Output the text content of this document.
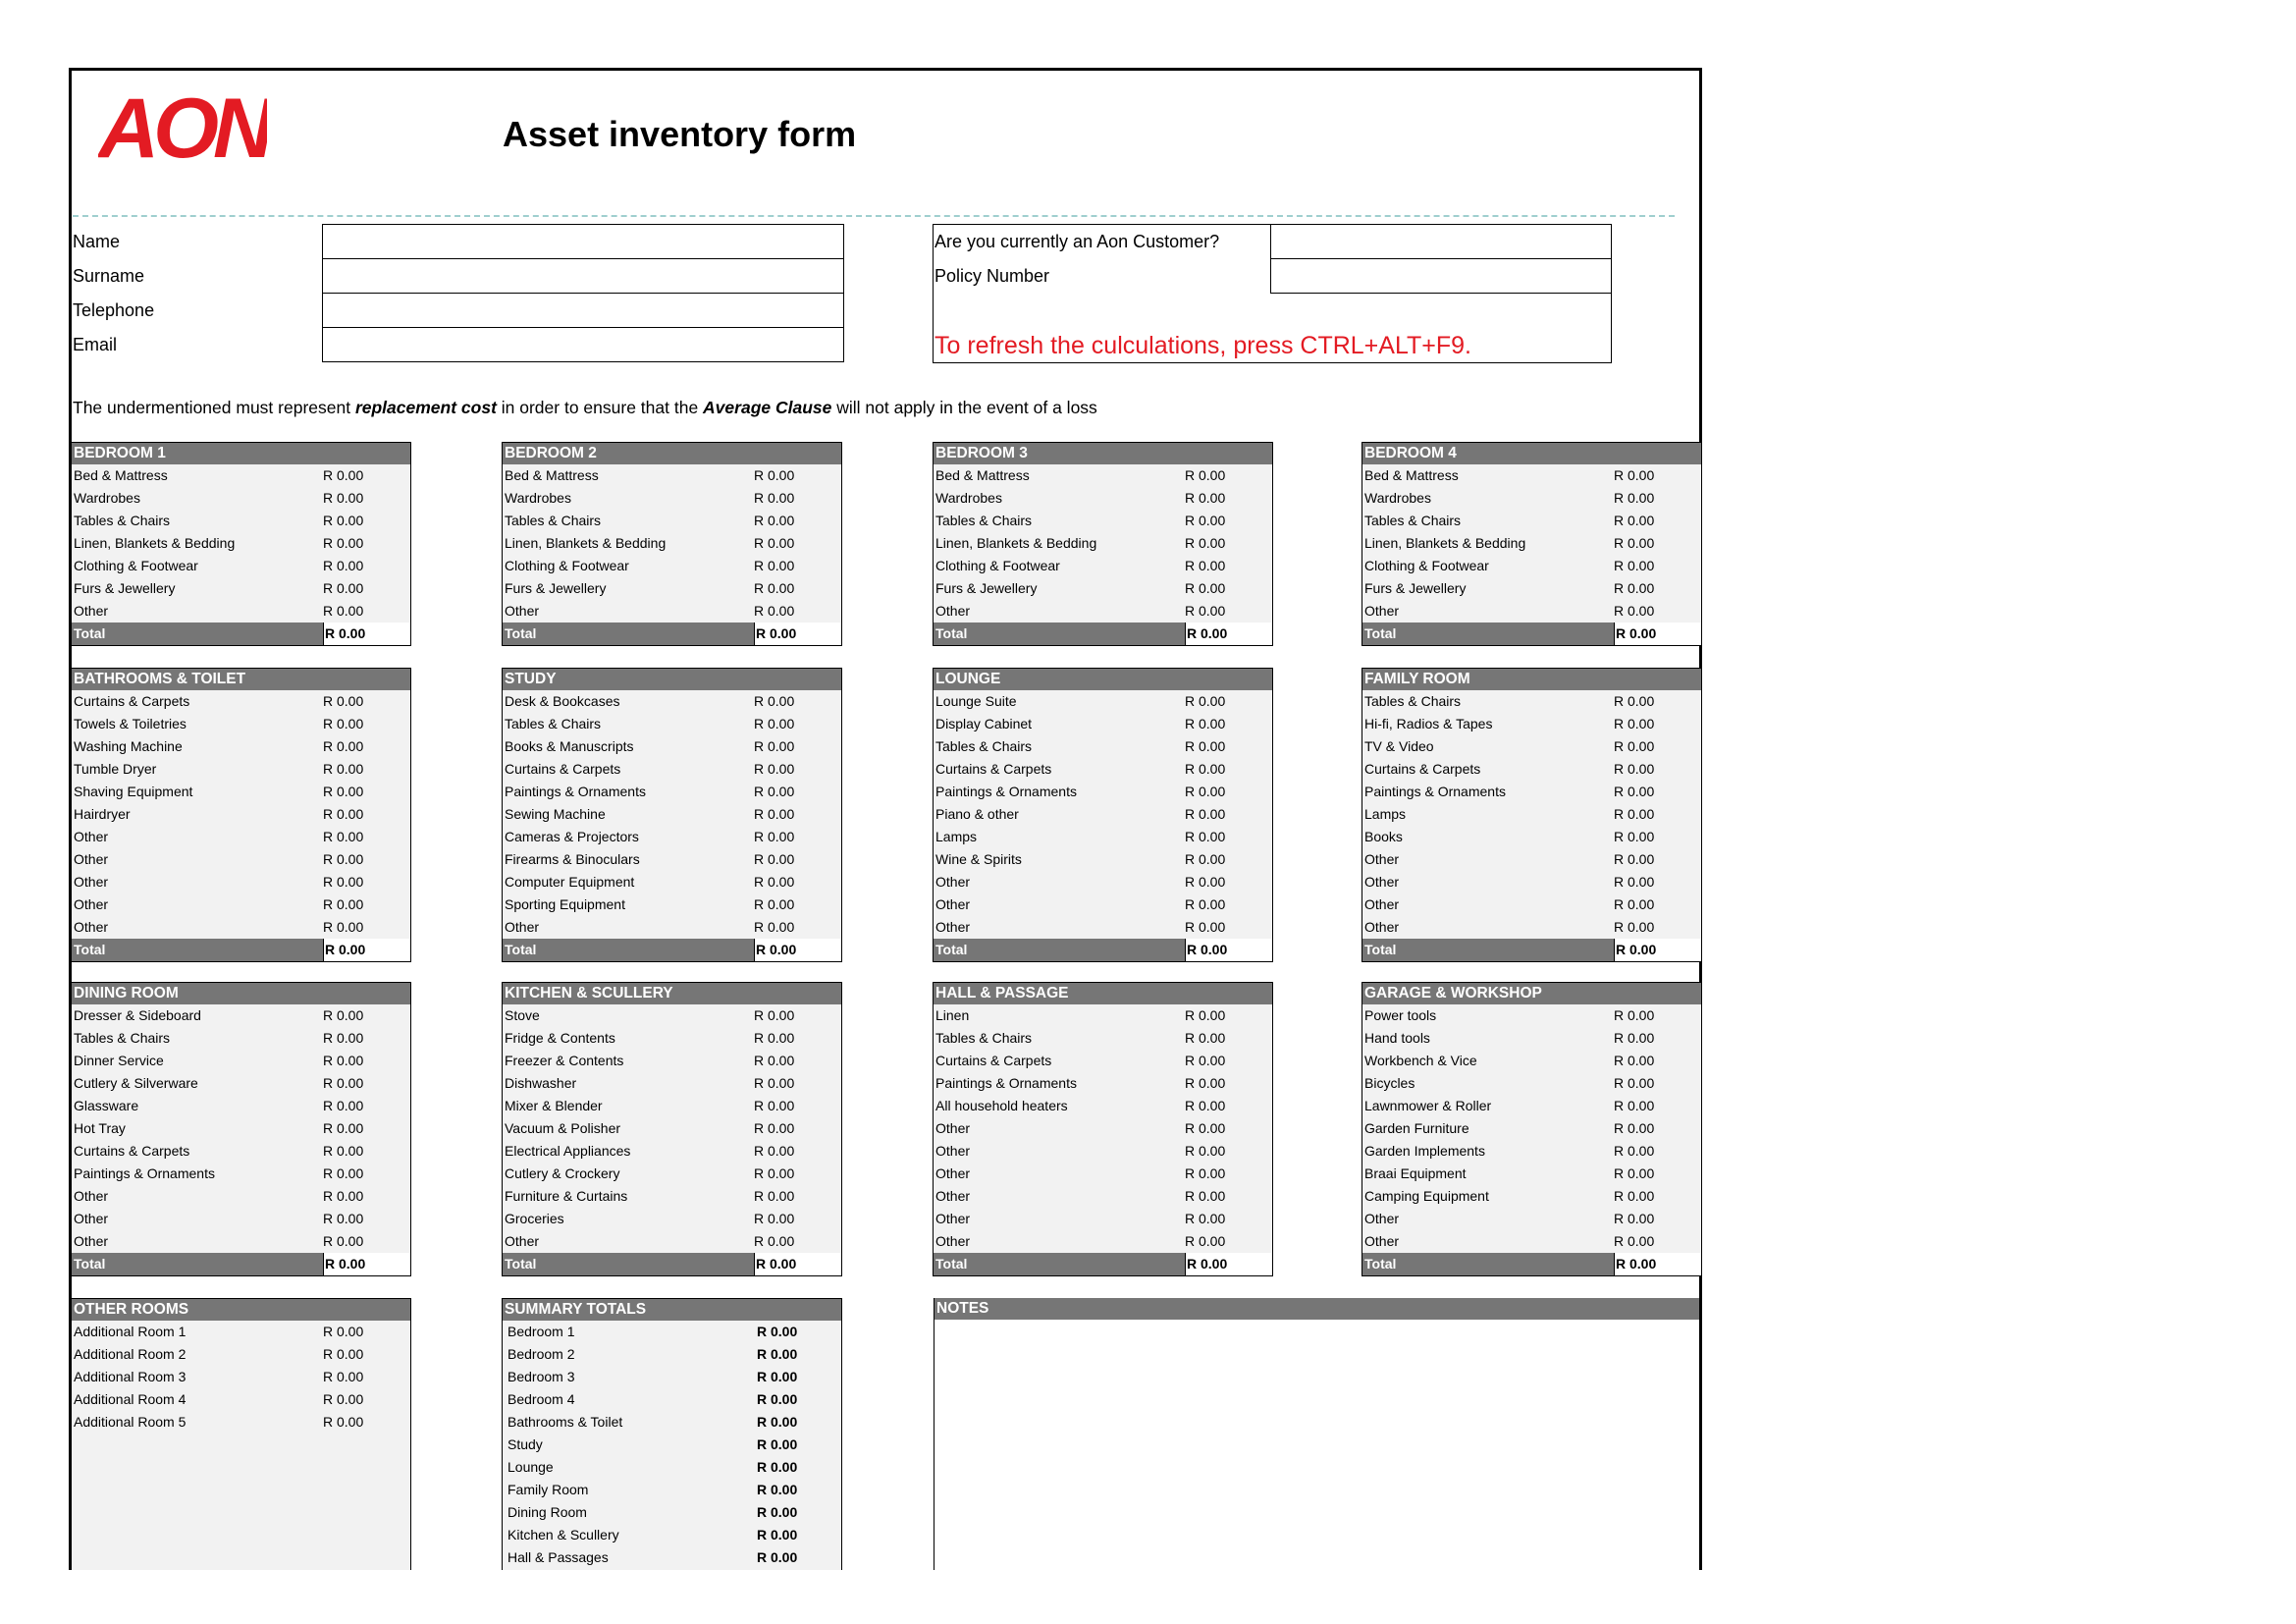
AON	Asset inventory form
Name
Surname
Telephone
Email
Are you currently an Aon Customer?
Policy Number
To refresh the culculations, press CTRL+ALT+F9.
The undermentioned must represent replacement cost in order to ensure that the Average Clause will not apply in the event of a loss
BEDROOM 1
Bed & Mattress	R 0.00
Wardrobes	R 0.00
Tables & Chairs	R 0.00
Linen, Blankets & Bedding	R 0.00
Clothing & Footwear	R 0.00
Furs & Jewellery	R 0.00
Other	R 0.00
Total	R 0.00
BEDROOM 2
Bed & Mattress	R 0.00
Wardrobes	R 0.00
Tables & Chairs	R 0.00
Linen, Blankets & Bedding	R 0.00
Clothing & Footwear	R 0.00
Furs & Jewellery	R 0.00
Other	R 0.00
Total	R 0.00
BEDROOM 3
Bed & Mattress	R 0.00
Wardrobes	R 0.00
Tables & Chairs	R 0.00
Linen, Blankets & Bedding	R 0.00
Clothing & Footwear	R 0.00
Furs & Jewellery	R 0.00
Other	R 0.00
Total	R 0.00
BEDROOM 4
Bed & Mattress	R 0.00
Wardrobes	R 0.00
Tables & Chairs	R 0.00
Linen, Blankets & Bedding	R 0.00
Clothing & Footwear	R 0.00
Furs & Jewellery	R 0.00
Other	R 0.00
Total	R 0.00
BATHROOMS & TOILET
Curtains & Carpets	R 0.00
Towels & Toiletries	R 0.00
Washing Machine	R 0.00
Tumble Dryer	R 0.00
Shaving Equipment	R 0.00
Hairdryer	R 0.00
Other	R 0.00
Other	R 0.00
Other	R 0.00
Other	R 0.00
Other	R 0.00
Total	R 0.00
STUDY
Desk & Bookcases	R 0.00
Tables & Chairs	R 0.00
Books & Manuscripts	R 0.00
Curtains & Carpets	R 0.00
Paintings & Ornaments	R 0.00
Sewing Machine	R 0.00
Cameras & Projectors	R 0.00
Firearms & Binoculars	R 0.00
Computer Equipment	R 0.00
Sporting Equipment	R 0.00
Other	R 0.00
Total	R 0.00
LOUNGE
Lounge Suite	R 0.00
Display Cabinet	R 0.00
Tables & Chairs	R 0.00
Curtains & Carpets	R 0.00
Paintings & Ornaments	R 0.00
Piano & other	R 0.00
Lamps	R 0.00
Wine & Spirits	R 0.00
Other	R 0.00
Other	R 0.00
Other	R 0.00
Total	R 0.00
FAMILY ROOM
Tables & Chairs	R 0.00
Hi-fi, Radios & Tapes	R 0.00
TV & Video	R 0.00
Curtains & Carpets	R 0.00
Paintings & Ornaments	R 0.00
Lamps	R 0.00
Books	R 0.00
Other	R 0.00
Other	R 0.00
Other	R 0.00
Other	R 0.00
Total	R 0.00
DINING ROOM
Dresser & Sideboard	R 0.00
Tables & Chairs	R 0.00
Dinner Service	R 0.00
Cutlery & Silverware	R 0.00
Glassware	R 0.00
Hot Tray	R 0.00
Curtains & Carpets	R 0.00
Paintings & Ornaments	R 0.00
Other	R 0.00
Other	R 0.00
Other	R 0.00
Total	R 0.00
KITCHEN & SCULLERY
Stove	R 0.00
Fridge & Contents	R 0.00
Freezer & Contents	R 0.00
Dishwasher	R 0.00
Mixer & Blender	R 0.00
Vacuum & Polisher	R 0.00
Electrical Appliances	R 0.00
Cutlery & Crockery	R 0.00
Furniture & Curtains	R 0.00
Groceries	R 0.00
Other	R 0.00
Total	R 0.00
HALL & PASSAGE
Linen	R 0.00
Tables & Chairs	R 0.00
Curtains & Carpets	R 0.00
Paintings & Ornaments	R 0.00
All household heaters	R 0.00
Other	R 0.00
Other	R 0.00
Other	R 0.00
Other	R 0.00
Other	R 0.00
Other	R 0.00
Total	R 0.00
GARAGE & WORKSHOP
Power tools	R 0.00
Hand tools	R 0.00
Workbench & Vice	R 0.00
Bicycles	R 0.00
Lawnmower & Roller	R 0.00
Garden Furniture	R 0.00
Garden Implements	R 0.00
Braai Equipment	R 0.00
Camping Equipment	R 0.00
Other	R 0.00
Other	R 0.00
Total	R 0.00
OTHER ROOMS
Additional Room 1	R 0.00
Additional Room 2	R 0.00
Additional Room 3	R 0.00
Additional Room 4	R 0.00
Additional Room 5	R 0.00
SUMMARY TOTALS
Bedroom 1	R 0.00
Bedroom 2	R 0.00
Bedroom 3	R 0.00
Bedroom 4	R 0.00
Bathrooms & Toilet	R 0.00
Study	R 0.00
Lounge	R 0.00
Family Room	R 0.00
Dining Room	R 0.00
Kitchen & Scullery	R 0.00
Hall & Passages	R 0.00
NOTES
